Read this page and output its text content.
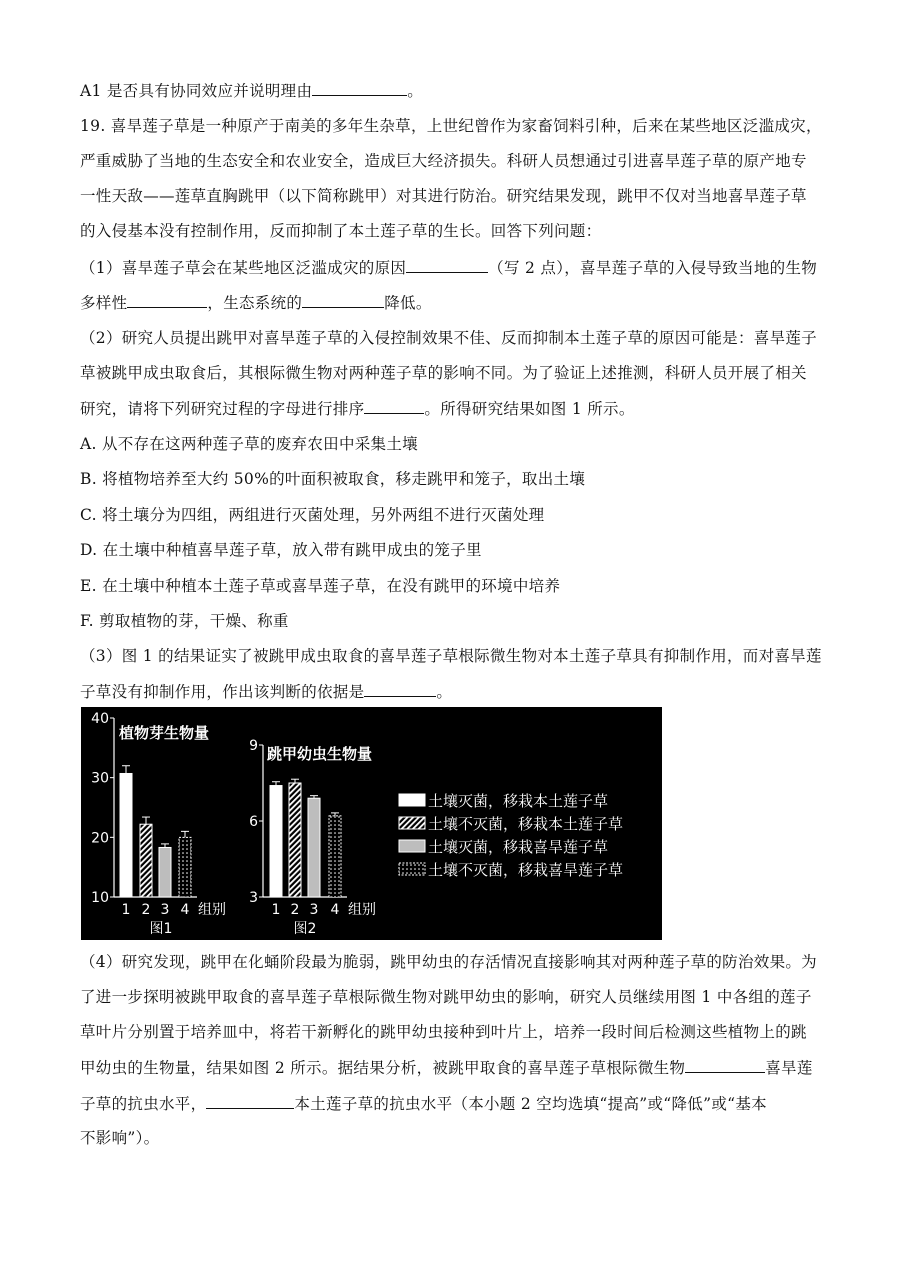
A1 是否具有协同效应并说明理由	。
19. 喜旱莲子草是一种原产于南美的多年生杂草，上世纪曾作为家畜饲料引种，后来在某些地区泛滥成灾，
严重威胁了当地的生态安全和农业安全，造成巨大经济损失。科研人员想通过引进喜旱莲子草的原产地专
一性天敌——莲草直胸跳甲（以下简称跳甲）对其进行防治。研究结果发现，跳甲不仅对当地喜旱莲子草
的入侵基本没有控制作用，反而抑制了本土莲子草的生长。回答下列问题：
（1）喜旱莲子草会在某些地区泛滥成灾的原因	（写 2 点），喜旱莲子草的入侵导致当地的生物
多样性	，生态系统的	降低。
（2）研究人员提出跳甲对喜旱莲子草的入侵控制效果不佳、反而抑制本土莲子草的原因可能是：喜旱莲子
草被跳甲成虫取食后，其根际微生物对两种莲子草的影响不同。为了验证上述推测，科研人员开展了相关
研究，请将下列研究过程的字母进行排序	。所得研究结果如图 1 所示。
A. 从不存在这两种莲子草的废弃农田中采集土壤
B. 将植物培养至大约 50%的叶面积被取食，移走跳甲和笼子，取出土壤
C. 将土壤分为四组，两组进行灭菌处理，另外两组不进行灭菌处理
D. 在土壤中种植喜旱莲子草，放入带有跳甲成虫的笼子里
E. 在土壤中种植本土莲子草或喜旱莲子草，在没有跳甲的环境中培养
F. 剪取植物的芽，干燥、称重
（3）图 1 的结果证实了被跳甲成虫取食的喜旱莲子草根际微生物对本土莲子草具有抑制作用，而对喜旱莲
子草没有抑制作用，作出该判断的依据是	。
10
20
30
40
植物芽生物量
1 2 3 4 组别
图1
3
6
9 跳甲幼虫生物量
1 2 3 4 组别
图2
土壤灭菌，移栽本土莲子草
土壤不灭菌，移栽本土莲子草
土壤灭菌，移栽喜旱莲子草
土壤不灭菌，移栽喜旱莲子草
（4）研究发现，跳甲在化蛹阶段最为脆弱，跳甲幼虫的存活情况直接影响其对两种莲子草的防治效果。为
了进一步探明被跳甲取食的喜旱莲子草根际微生物对跳甲幼虫的影响，研究人员继续用图 1 中各组的莲子
草叶片分别置于培养皿中，将若干新孵化的跳甲幼虫接种到叶片上，培养一段时间后检测这些植物上的跳
甲幼虫的生物量，结果如图 2 所示。据结果分析，被跳甲取食的喜旱莲子草根际微生物	喜旱莲
子草的抗虫水平，	本土莲子草的抗虫水平（本小题 2 空均选填“提高”或“降低”或“基本
不影响”）。
